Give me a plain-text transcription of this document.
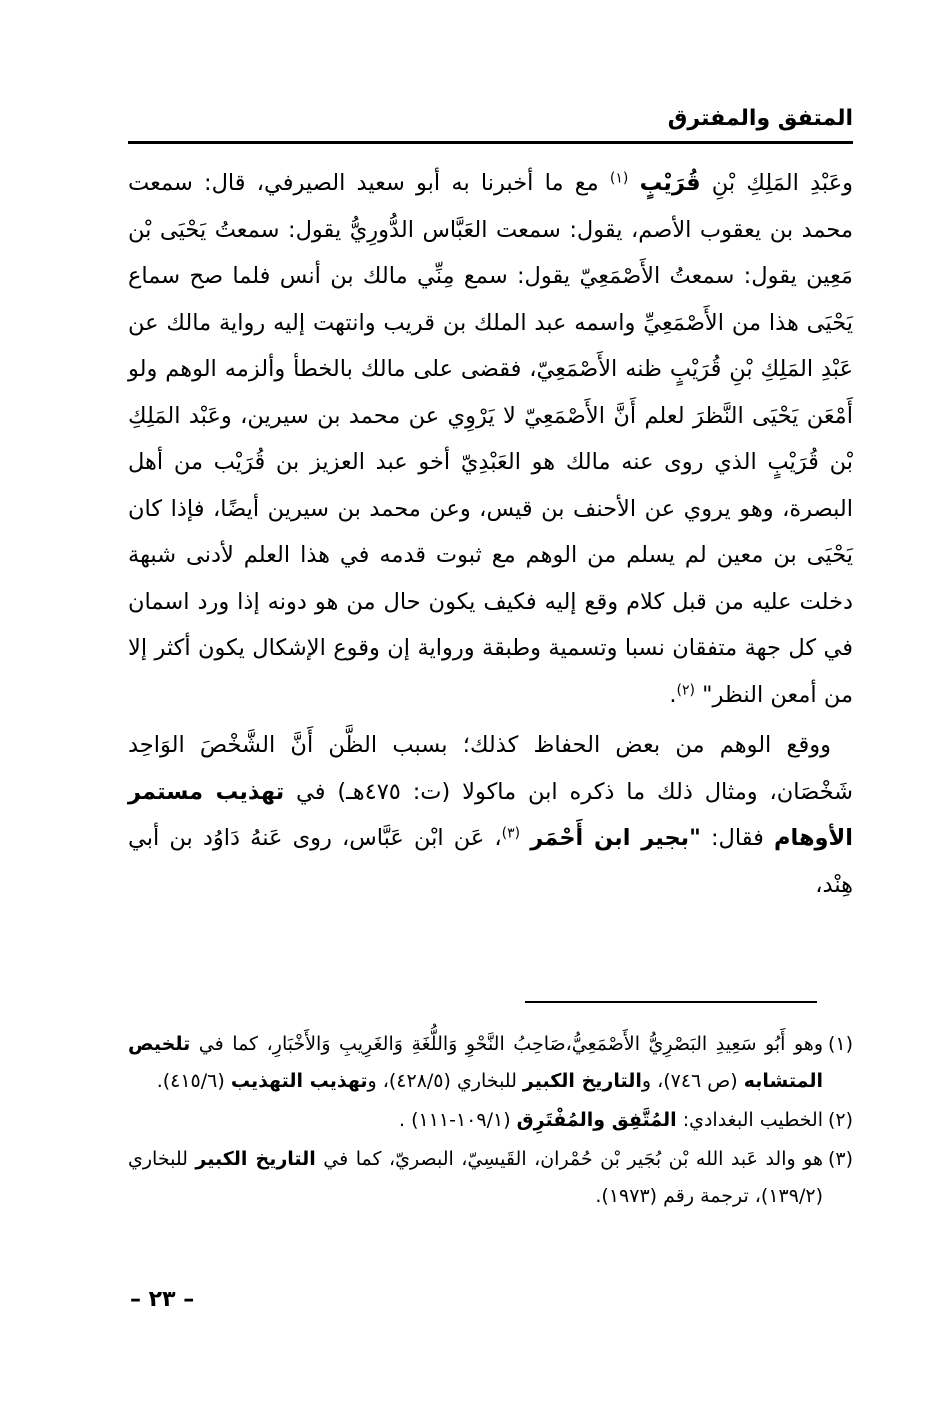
المتفق والمفترق

وعَبْدِ المَلِكِ بْنِ قُرَيْبٍ $^{(١)}$ مع ما أخبرنا به أبو سعيد الصيرفي، قال: سمعت محمد بن يعقوب الأصم، يقول: سمعت العَبَّاس الدُّورِيُّ يقول: سمعتُ يَحْيَى بْن مَعِين يقول: سمعتُ الأَصْمَعِيّ يقول: سمع مِنِّي مالك بن أنس فلما صح سماع يَحْيَى هذا من الأَصْمَعِيِّ واسمه عبد الملك بن قريب وانتهت إليه رواية مالك عن عَبْدِ المَلِكِ بْنِ قُرَيْبٍ ظنه الأَصْمَعِيّ، فقضى على مالك بالخطأ وألزمه الوهم ولو أَمْعَن يَحْيَى النَّظرَ لعلم أَنَّ الأَصْمَعِيّ لا يَرْوِي عن محمد بن سيرين، وعَبْد المَلِكِ بْن قُرَيْبٍ الذي روى عنه مالك هو العَبْدِيّ أخو عبد العزيز بن قُرَيْب من أهل البصرة، وهو يروي عن الأحنف بن قيس، وعن محمد بن سيرين أيضًا، فإذا كان يَحْيَى بن معين لم يسلم من الوهم مع ثبوت قدمه في هذا العلم لأدنى شبهة دخلت عليه من قبل كلام وقع إليه فكيف يكون حال من هو دونه إذا ورد اسمان في كل جهة متفقان نسبا وتسمية وطبقة ورواية إن وقوع الإشكال يكون أكثر إلا من أمعن النظر" $^{(٢)}$.

ووقع الوهم من بعض الحفاظ كذلك؛ بسبب الظَّن أَنَّ الشَّخْصَ الوَاحِد شَخْصَان، ومثال ذلك ما ذكره ابن ماكولا (ت: ٤٧٥هـ) في تهذيب مستمر الأوهام فقال: "بجير ابن أَحْمَر $^{(٣)}$، عَن ابْن عَبَّاس، روى عَنهُ دَاوُد بن أبي هِنْد،

(١)
وهو أَبُو سَعِيدِ البَصْرِيُّ الأَصْمَعِيُّ،صَاحِبُ النَّحْوِ وَاللُّغَةِ وَالغَرِيبِ وَالأَخْبَارِ، كما في تلخيص المتشابه (ص ٧٤٦)، والتاريخ الكبير للبخاري (٤٢٨/٥)، وتهذيب التهذيب (٤١٥/٦).

(٢)
الخطيب البغدادي: المُتَّفِق والمُفْتَرِق (١٠٩/١-١١١) .

(٣)
هو والد عَبد الله بْن بُجَير بْن حُمْران، القَيسِيّ، البصريّ، كما في التاريخ الكبير للبخاري (١٣٩/٢)، ترجمة رقم (١٩٧٣).

– ٢٣ –
